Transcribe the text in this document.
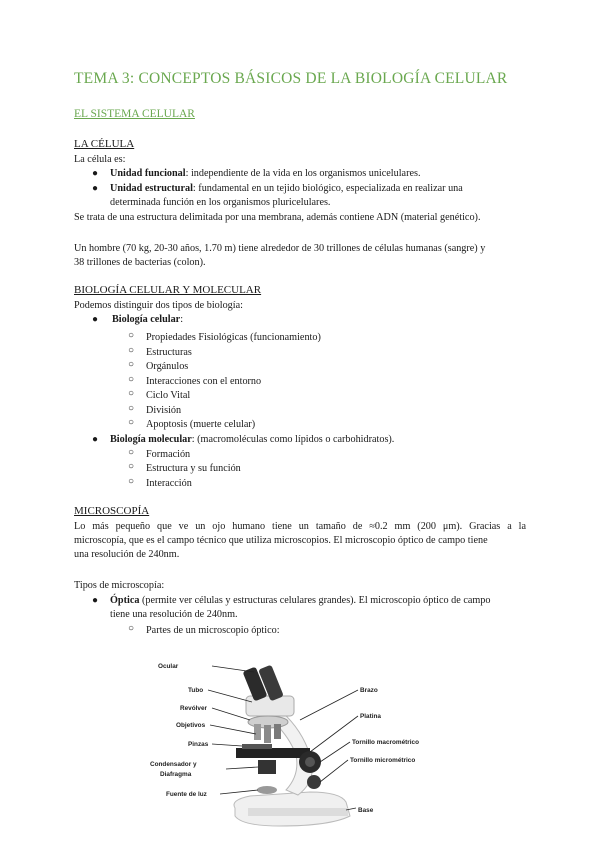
TEMA 3: CONCEPTOS BÁSICOS DE LA BIOLOGÍA CELULAR
EL SISTEMA CELULAR
LA CÉLULA
La célula es:
● Unidad funcional: independiente de la vida en los organismos unicelulares.
● Unidad estructural: fundamental en un tejido biológico, especializada en realizar una
determinada función en los organismos pluricelulares.
Se trata de una estructura delimitada por una membrana, además contiene ADN (material genético).
Un hombre (70 kg, 20-30 años, 1.70 m) tiene alrededor de 30 trillones de células humanas (sangre) y
38 trillones de bacterias (colon).
BIOLOGÍA CELULAR Y MOLECULAR
Podemos distinguir dos tipos de biología:
● Biología celular:
○ Propiedades Fisiológicas (funcionamiento)
○ Estructuras
○ Orgánulos
○ Interacciones con el entorno
○ Ciclo Vital
○ División
○ Apoptosis (muerte celular)
● Biología molecular: (macromoléculas como lípidos o carbohidratos).
○ Formación
○ Estructura y su función
○ Interacción
MICROSCOPÍA
Lo más pequeño que ve un ojo humano tiene un tamaño de ≈0.2 mm (200 μm). Gracias a la
microscopía, que es el campo técnico que utiliza microscopios. El microscopio óptico de campo tiene
una resolución de 240nm.
Tipos de microscopía:
● Óptica (permite ver células y estructuras celulares grandes). El microscopio óptico de campo
tiene una resolución de 240nm.
○ Partes de un microscopio óptico:
Ocular
Tubo
Revólver
Objetivos
Pinzas
Condensador y
Diafragma
Fuente de luz
Brazo
Platina
Tornillo macrométrico
Tornillo micrométrico
Base
